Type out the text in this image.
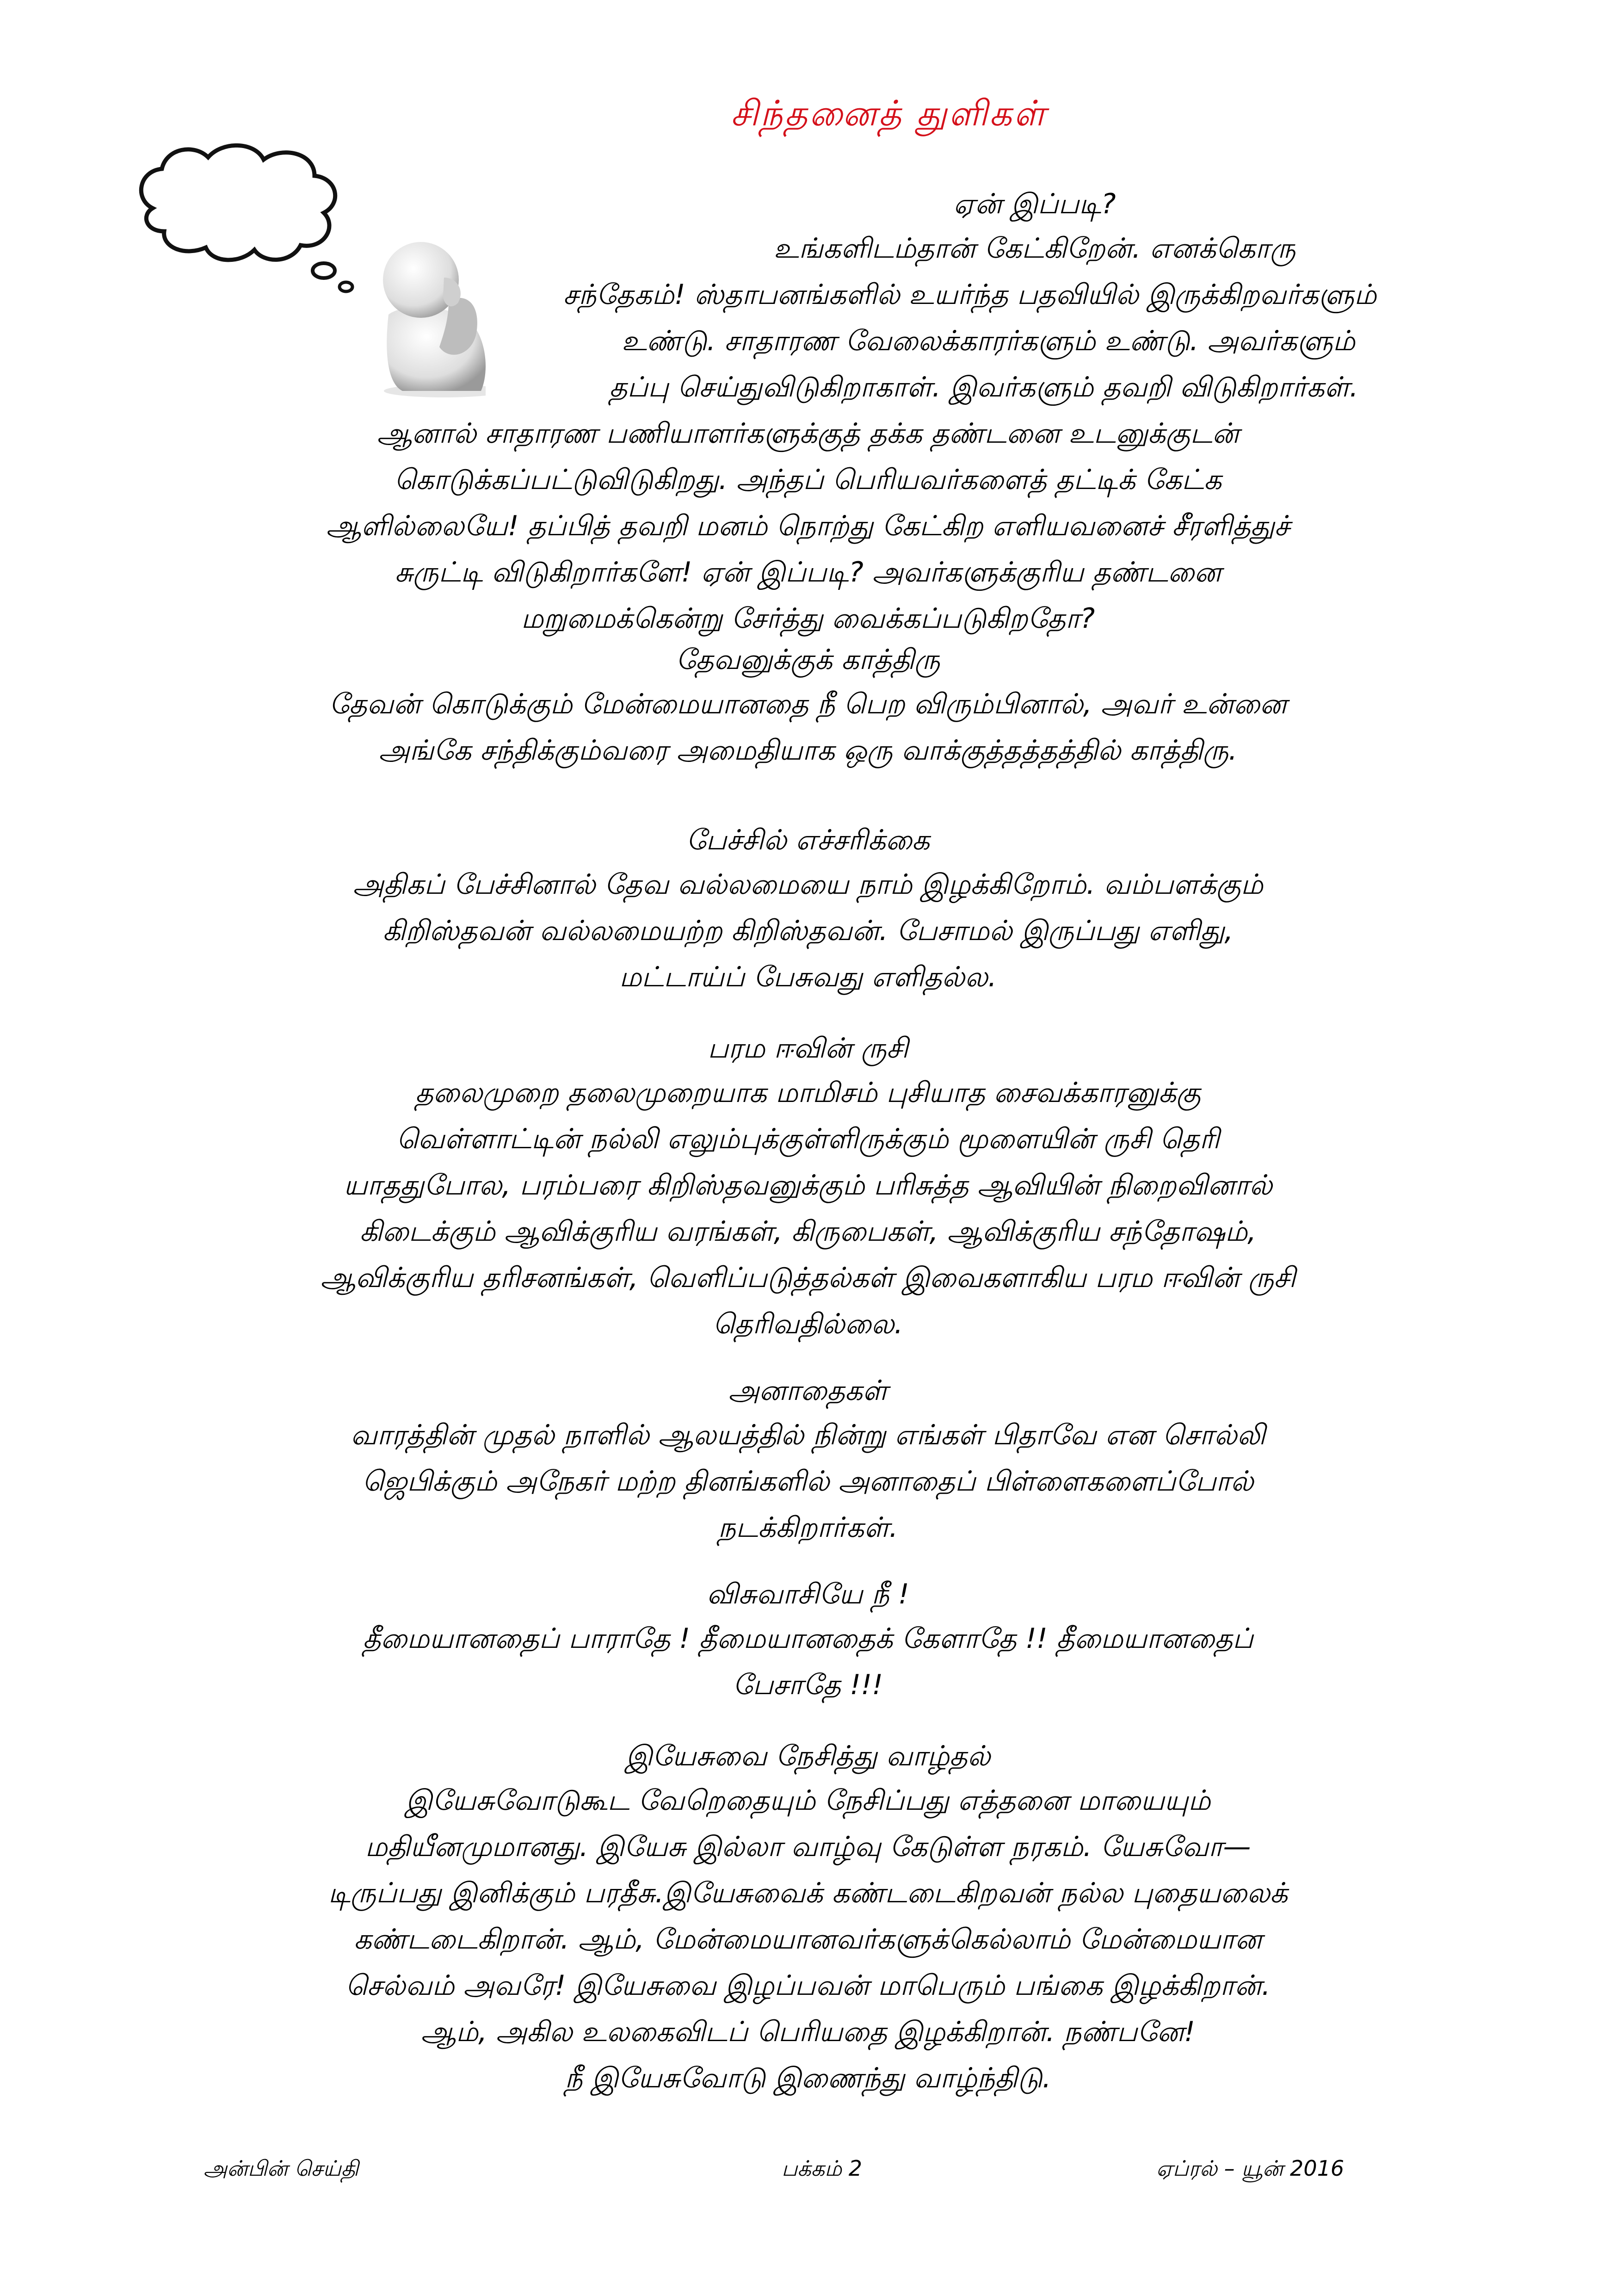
சிந்தனைத் துளிகள்
ஏன் இப்படி?
உங்களிடம்தான் கேட்கிறேன். எனக்கொரு
சந்தேகம்! ஸ்தாபனங்களில் உயர்ந்த பதவியில் இருக்கிறவர்களும்
உண்டு. சாதாரண வேலைக்காரர்களும் உண்டு. அவர்களும்
தப்பு செய்துவிடுகிறாகாள். இவர்களும் தவறி விடுகிறார்கள்.
ஆனால் சாதாரண பணியாளர்களுக்குத் தக்க தண்டனை உடனுக்குடன்
கொடுக்கப்பட்டுவிடுகிறது. அந்தப் பெரியவர்களைத் தட்டிக் கேட்க
ஆளில்லையே! தப்பித் தவறி மனம் நொற்து கேட்கிற எளியவனைச் சீரளித்துச்
சுருட்டி விடுகிறார்களே! ஏன் இப்படி? அவர்களுக்குரிய தண்டனை
மறுமைக்கென்று சேர்த்து வைக்கப்படுகிறதோ?
தேவனுக்குக் காத்திரு
தேவன் கொடுக்கும் மேன்மையானதை நீ பெற விரும்பினால், அவர் உன்னை
அங்கே சந்திக்கும்வரை அமைதியாக ஒரு வாக்குத்தத்தத்தில் காத்திரு.
பேச்சில் எச்சரிக்கை
அதிகப் பேச்சினால் தேவ வல்லமையை நாம் இழக்கிறோம். வம்பளக்கும்
கிறிஸ்தவன் வல்லமையற்ற கிறிஸ்தவன். பேசாமல் இருப்பது எளிது,
மட்டாய்ப் பேசுவது எளிதல்ல.
பரம ஈவின் ருசி
தலைமுறை தலைமுறையாக மாமிசம் புசியாத சைவக்காரனுக்கு
வெள்ளாட்டின் நல்லி எலும்புக்குள்ளிருக்கும் மூளையின் ருசி தெரி
யாததுபோல, பரம்பரை கிறிஸ்தவனுக்கும் பரிசுத்த ஆவியின் நிறைவினால்
கிடைக்கும் ஆவிக்குரிய வரங்கள், கிருபைகள், ஆவிக்குரிய சந்தோஷம்,
ஆவிக்குரிய தரிசனங்கள், வெளிப்படுத்தல்கள் இவைகளாகிய பரம ஈவின் ருசி
தெரிவதில்லை.
அனாதைகள்
வாரத்தின் முதல் நாளில் ஆலயத்தில் நின்று எங்கள் பிதாவே என சொல்லி
ஜெபிக்கும் அநேகர் மற்ற தினங்களில் அனாதைப் பிள்ளைகளைப்போல்
நடக்கிறார்கள்.
விசுவாசியே நீ !
தீமையானதைப் பாராதே ! தீமையானதைக் கேளாதே !! தீமையானதைப்
பேசாதே !!!
இயேசுவை நேசித்து வாழ்தல்
இயேசுவோடுகூட வேறெதையும் நேசிப்பது எத்தனை மாயையும்
மதியீனமுமானது. இயேசு இல்லா வாழ்வு கேடுள்ள நரகம். யேசுவோ—
டிருப்பது இனிக்கும் பரதீசு.இயேசுவைக் கண்டடைகிறவன் நல்ல புதையலைக்
கண்டடைகிறான். ஆம், மேன்மையானவர்களுக்கெல்லாம் மேன்மையான
செல்வம் அவரே! இயேசுவை இழப்பவன் மாபெரும் பங்கை இழக்கிறான்.
ஆம், அகில உலகைவிடப் பெரியதை இழக்கிறான். நண்பனே!
நீ இயேசுவோடு இணைந்து வாழ்ந்திடு.
அன்பின் செய்தி	பக்கம் 2	ஏப்ரல் – யூன் 2016
